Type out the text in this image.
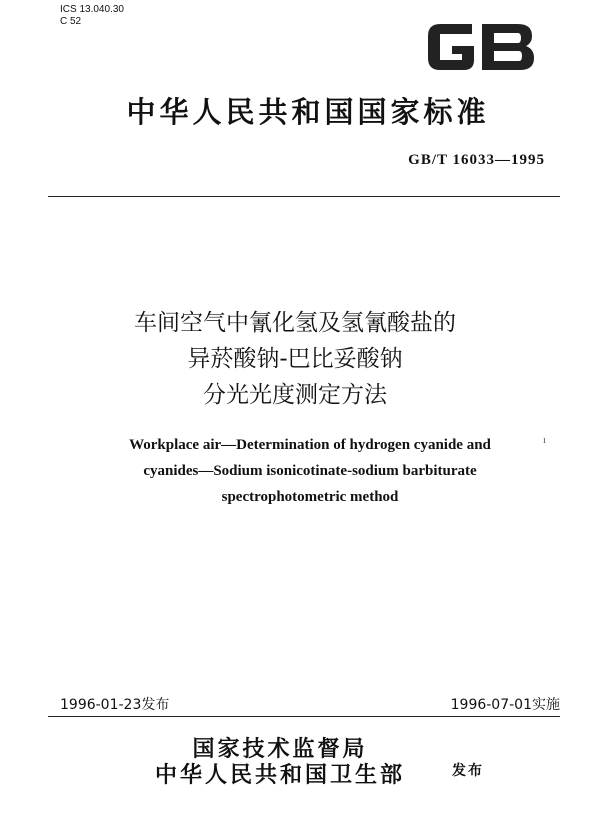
ICS 13.040.30
C 52
中华人民共和国国家标准
GB/T 16033—1995
车间空气中氰化氢及氢氰酸盐的
异菸酸钠-巴比妥酸钠
分光光度测定方法
ı
Workplace air—Determination of hydrogen cyanide and
cyanides—Sodium isonicotinate-sodium barbiturate
spectrophotometric method
1996-01-23发布	1996-07-01实施
国家技术监督局
中华人民共和国卫生部	发布
